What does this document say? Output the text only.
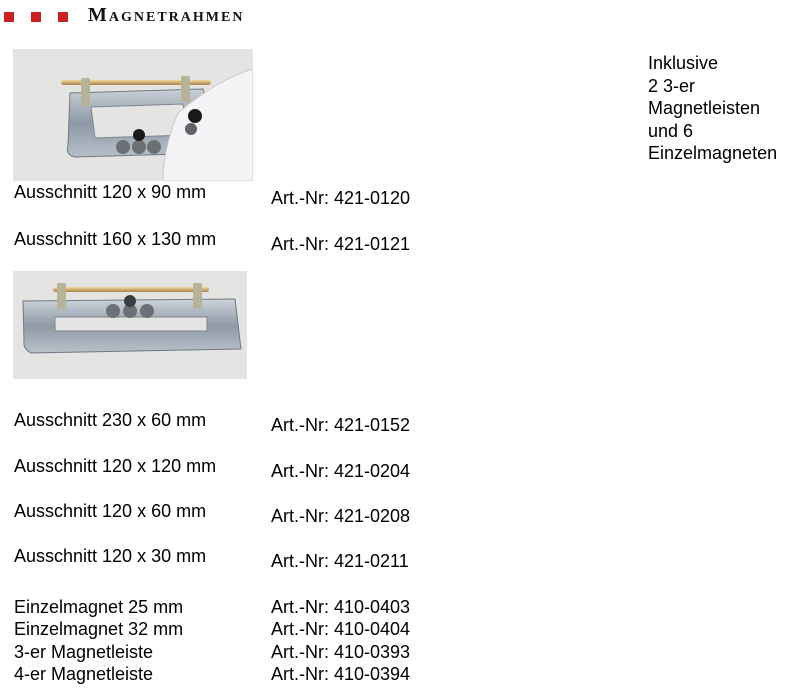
Magnetrahmen
Inklusive
2 3-er
Magnetleisten
und 6
Einzelmagneten
Ausschnitt 120 x 90 mm	Art.-Nr: 421-0120
Ausschnitt 160 x 130 mm	Art.-Nr: 421-0121
Ausschnitt 230 x 60 mm	Art.-Nr: 421-0152
Ausschnitt 120 x 120 mm	Art.-Nr: 421-0204
Ausschnitt 120 x 60 mm	Art.-Nr: 421-0208
Ausschnitt 120 x 30 mm	Art.-Nr: 421-0211
Einzelmagnet 25 mm	Art.-Nr: 410-0403
Einzelmagnet 32 mm	Art.-Nr: 410-0404
3-er Magnetleiste	Art.-Nr: 410-0393
4-er Magnetleiste	Art.-Nr: 410-0394
